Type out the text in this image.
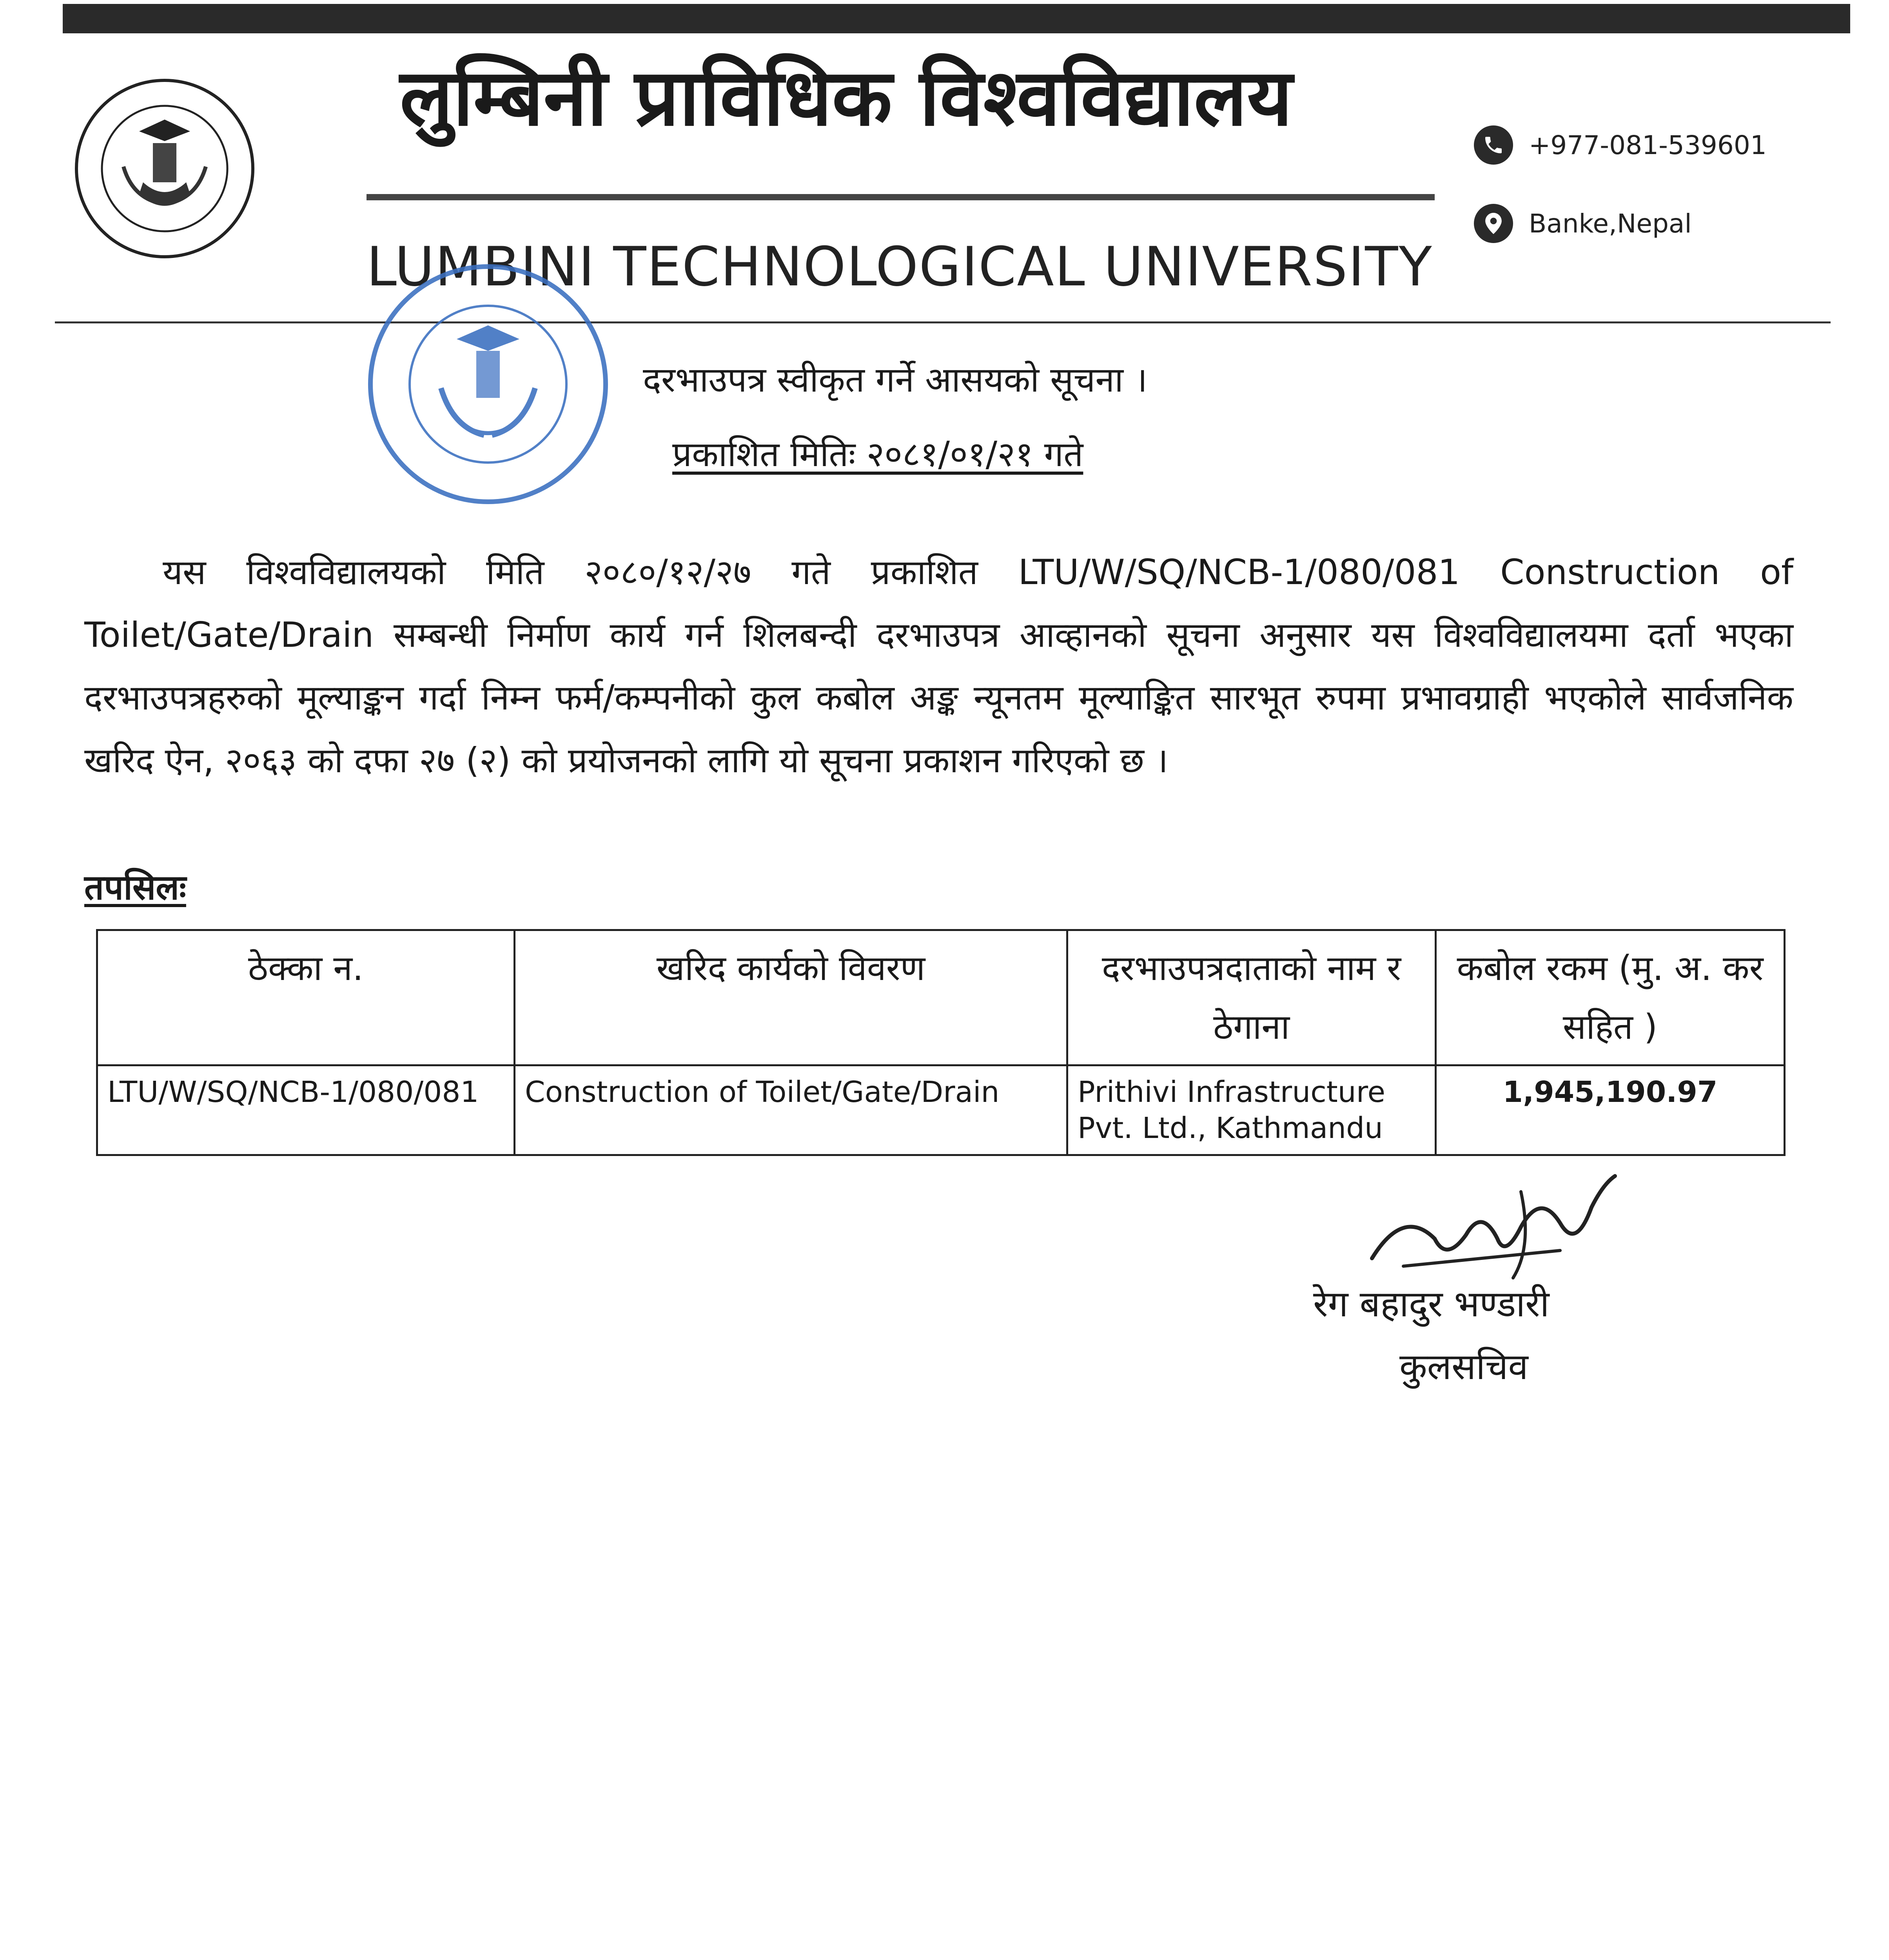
लुम्बिनी प्राविधिक विश्वविद्यालय
LUMBINI TECHNOLOGICAL UNIVERSITY
+977-081-539601
Banke,Nepal
दरभाउपत्र स्वीकृत गर्ने आसयको सूचना ।
प्रकाशित मितिः २०८१/०१/२१ गते
यस विश्वविद्यालयको मिति २०८०/१२/२७ गते प्रकाशित LTU/W/SQ/NCB-1/080/081 Construction of Toilet/Gate/Drain सम्बन्धी निर्माण कार्य गर्न शिलबन्दी दरभाउपत्र आव्हानको सूचना अनुसार यस विश्वविद्यालयमा दर्ता भएका दरभाउपत्रहरुको मूल्याङ्कन गर्दा निम्न फर्म/कम्पनीको कुल कबोल अङ्क न्यूनतम मूल्याङ्कित सारभूत रुपमा प्रभावग्राही भएकोले सार्वजनिक खरिद ऐन, २०६३ को दफा २७ (२) को प्रयोजनको लागि यो सूचना प्रकाशन गरिएको छ ।
तपसिलः
ठेक्का न.	खरिद कार्यको विवरण	दरभाउपत्रदाताको नाम र ठेगाना	कबोल रकम (मु. अ. कर सहित )
LTU/W/SQ/NCB-1/080/081	Construction of Toilet/Gate/Drain	Prithivi Infrastructure Pvt. Ltd., Kathmandu	1,945,190.97
रेग बहादुर भण्डारी
कुलसचिव
